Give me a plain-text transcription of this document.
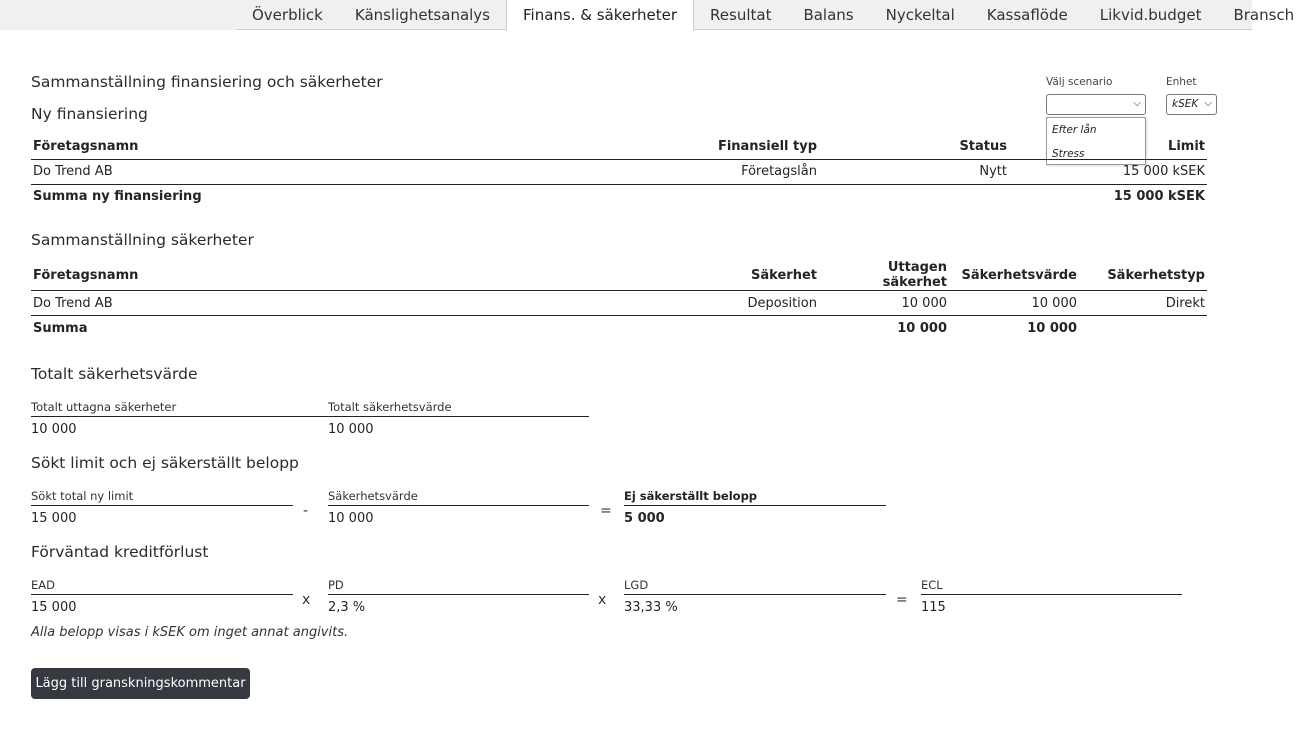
Överblick	Känslighetsanalys	Finans. & säkerheter	Resultat	Balans	Nyckeltal	Kassaflöde	Likvid.budget	Bransch
Sammanställning finansiering och säkerheter	Välj scenario
⌵
Efter lån
Stress
Enhet
kSEK ⌵
Ny finansiering
Företagsnamn	Finansiell typ	Status	Limit
Do Trend AB	Företagslån	Nytt	15 000 kSEK
Summa ny finansiering			15 000 kSEK
Sammanställning säkerheter
Företagsnamn	Säkerhet	Uttagen säkerhet	Säkerhetsvärde	Säkerhetstyp
Do Trend AB	Deposition	10 000	10 000	Direkt
Summa		10 000	10 000	
Totalt säkerhetsvärde
Totalt uttagna säkerheter
10 000
Totalt säkerhetsvärde
10 000
Sökt limit och ej säkerställt belopp
Sökt total ny limit
15 000	-
Säkerhetsvärde
10 000	=
Ej säkerställt belopp
5 000
Förväntad kreditförlust
EAD
15 000	x
PD
2,3 %	x
LGD
33,33 %	=
ECL
115
Alla belopp visas i kSEK om inget annat angivits.
Lägg till granskningskommentar
